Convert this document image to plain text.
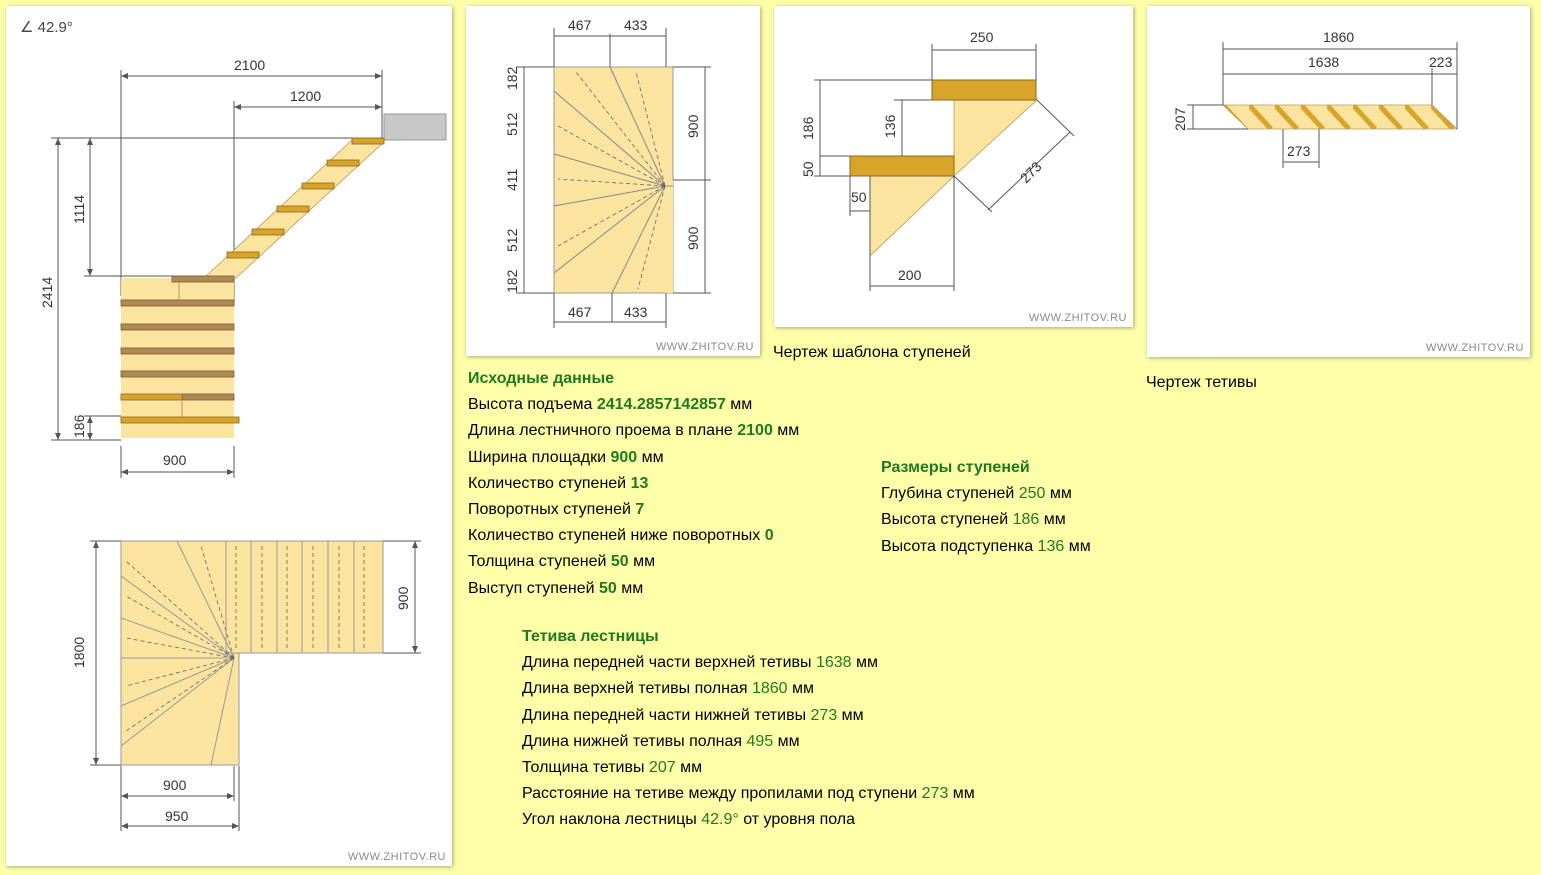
∠ 42.9°
2100
1200
1114
2414
186
900
1800
900
900
950
WWW.ZHITOV.RU
467 433
467 433
182
512
411
512
182
900
900
WWW.ZHITOV.RU
250
186	136
50
50
273
200
WWW.ZHITOV.RU
1860
1638	223
207
273
WWW.ZHITOV.RU
Чертеж шаблона ступеней
Чертеж тетивы
Исходные данные
Высота подъема 2414.2857142857 мм
Длина лестничного проема в плане 2100 мм
Ширина площадки 900 мм
Количество ступеней 13
Поворотных ступеней 7
Количество ступеней ниже поворотных 0
Толщина ступеней 50 мм
Выступ ступеней 50 мм
Размеры ступеней
Глубина ступеней 250 мм
Высота ступеней 186 мм
Высота подступенка 136 мм
Тетива лестницы
Длина передней части верхней тетивы 1638 мм
Длина верхней тетивы полная 1860 мм
Длина передней части нижней тетивы 273 мм
Длина нижней тетивы полная 495 мм
Толщина тетивы 207 мм
Расстояние на тетиве между пропилами под ступени 273 мм
Угол наклона лестницы 42.9° от уровня пола
